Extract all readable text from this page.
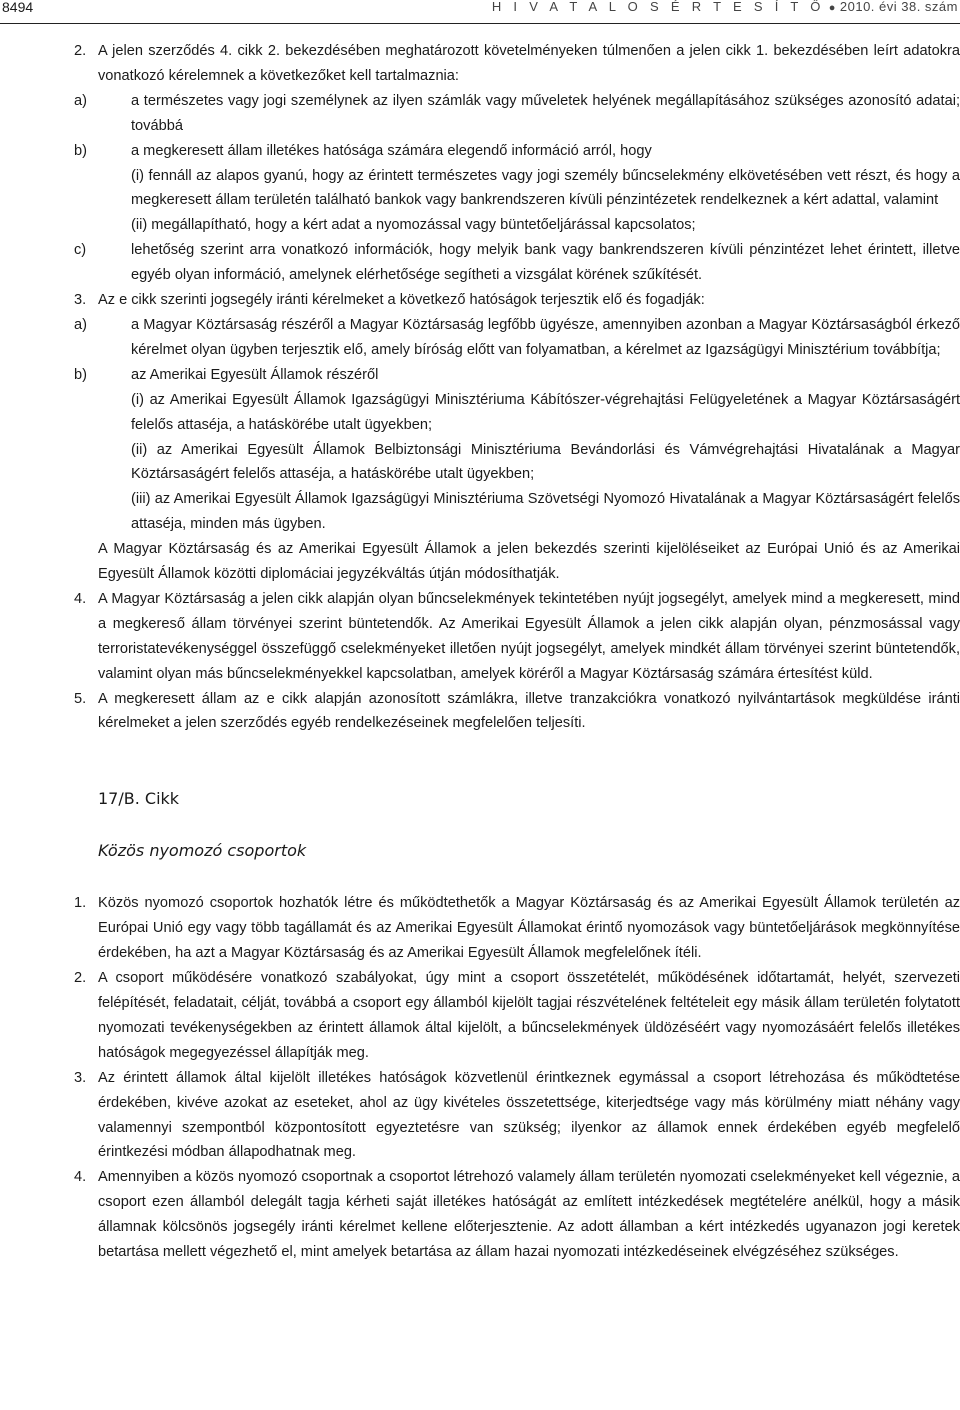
8494	H I V A T A L O S É R T E S Í T Ő ● 2010. évi 38. szám

2. A jelen szerződés 4. cikk 2. bekezdésében meghatározott követelményeken túlmenően a jelen cikk 1. bekezdésében leírt adatokra vonatkozó kérelemnek a következőket kell tartalmaznia:

a)	a természetes vagy jogi személynek az ilyen számlák vagy műveletek helyének megállapításához szükséges azonosító adatai; továbbá

b)	a megkeresett állam illetékes hatósága számára elegendő információ arról, hogy

(i) fennáll az alapos gyanú, hogy az érintett természetes vagy jogi személy bűncselekmény elkövetésében vett részt, és hogy a megkeresett állam területén található bankok vagy bankrendszeren kívüli pénzintézetek rendelkeznek a kért adattal, valamint

(ii) megállapítható, hogy a kért adat a nyomozással vagy büntetőeljárással kapcsolatos;

c)	lehetőség szerint arra vonatkozó információk, hogy melyik bank vagy bankrendszeren kívüli pénzintézet lehet érintett, illetve egyéb olyan információ, amelynek elérhetősége segítheti a vizsgálat körének szűkítését.

3. Az e cikk szerinti jogsegély iránti kérelmeket a következő hatóságok terjesztik elő és fogadják:

a)	a Magyar Köztársaság részéről a Magyar Köztársaság legfőbb ügyésze, amennyiben azonban a Magyar Köztársaságból érkező kérelmet olyan ügyben terjesztik elő, amely bíróság előtt van folyamatban, a kérelmet az Igazságügyi Minisztérium továbbítja;

b)	az Amerikai Egyesült Államok részéről

(i) az Amerikai Egyesült Államok Igazságügyi Minisztériuma Kábítószer-végrehajtási Felügyeletének a Magyar Köztársaságért felelős attaséja, a hatáskörébe utalt ügyekben;

(ii) az Amerikai Egyesült Államok Belbiztonsági Minisztériuma Bevándorlási és Vámvégrehajtási Hivatalának a Magyar Köztársaságért felelős attaséja, a hatáskörébe utalt ügyekben;

(iii) az Amerikai Egyesült Államok Igazságügyi Minisztériuma Szövetségi Nyomozó Hivatalának a Magyar Köztársaságért felelős attaséja, minden más ügyben.

A Magyar Köztársaság és az Amerikai Egyesült Államok a jelen bekezdés szerinti kijelöléseiket az Európai Unió és az Amerikai Egyesült Államok közötti diplomáciai jegyzékváltás útján módosíthatják.

4. A Magyar Köztársaság a jelen cikk alapján olyan bűncselekmények tekintetében nyújt jogsegélyt, amelyek mind a megkeresett, mind a megkereső állam törvényei szerint büntetendők. Az Amerikai Egyesült Államok a jelen cikk alapján olyan, pénzmosással vagy terroristatevékenységgel összefüggő cselekményeket illetően nyújt jogsegélyt, amelyek mindkét állam törvényei szerint büntetendők, valamint olyan más bűncselekményekkel kapcsolatban, amelyek köréről a Magyar Köztársaság számára értesítést küld.

5. A megkeresett állam az e cikk alapján azonosított számlákra, illetve tranzakciókra vonatkozó nyilvántartások megküldése iránti kérelmeket a jelen szerződés egyéb rendelkezéseinek megfelelően teljesíti.

17/B. Cikk
Közös nyomozó csoportok

1. Közös nyomozó csoportok hozhatók létre és működtethetők a Magyar Köztársaság és az Amerikai Egyesült Államok területén az Európai Unió egy vagy több tagállamát és az Amerikai Egyesült Államokat érintő nyomozások vagy büntetőeljárások megkönnyítése érdekében, ha azt a Magyar Köztársaság és az Amerikai Egyesült Államok megfelelőnek ítéli.

2. A csoport működésére vonatkozó szabályokat, úgy mint a csoport összetételét, működésének időtartamát, helyét, szervezeti felépítését, feladatait, célját, továbbá a csoport egy államból kijelölt tagjai részvételének feltételeit egy másik állam területén folytatott nyomozati tevékenységekben az érintett államok által kijelölt, a bűncselekmények üldözéséért vagy nyomozásáért felelős illetékes hatóságok megegyezéssel állapítják meg.

3. Az érintett államok által kijelölt illetékes hatóságok közvetlenül érintkeznek egymással a csoport létrehozása és működtetése érdekében, kivéve azokat az eseteket, ahol az ügy kivételes összetettsége, kiterjedtsége vagy más körülmény miatt néhány vagy valamennyi szempontból központosított egyeztetésre van szükség; ilyenkor az államok ennek érdekében egyéb megfelelő érintkezési módban állapodhatnak meg.

4. Amennyiben a közös nyomozó csoportnak a csoportot létrehozó valamely állam területén nyomozati cselekményeket kell végeznie, a csoport ezen államból delegált tagja kérheti saját illetékes hatóságát az említett intézkedések megtételére anélkül, hogy a másik államnak kölcsönös jogsegély iránti kérelmet kellene előterjesztenie. Az adott államban a kért intézkedés ugyanazon jogi keretek betartása mellett végezhető el, mint amelyek betartása az állam hazai nyomozati intézkedéseinek elvégzéséhez szükséges.
